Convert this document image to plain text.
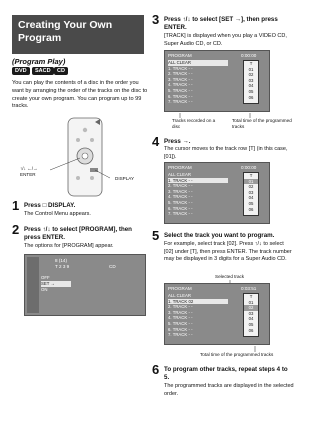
Creating Your Own Program
(Program Play)
DVD	SACD	CD
You can play the contents of a disc in the order you want by arranging the order of the tracks on the disc to create your own program. You can program up to 99 tracks.
↑/↓ ←/→
ENTER
DISPLAY
1 Press □ DISPLAY.
The Control Menu appears.
2 Press ↑/↓ to select [PROGRAM], then press ENTER.
The options for [PROGRAM] appear.
8 (14)
T 2 3 9	CD
OFF
SET →
ON
3 Press ↑/↓ to select [SET →], then press ENTER.
[TRACK] is displayed when you play a VIDEO CD, Super Audio CD, or CD.
PROGRAM	0:00:00
ALL CLEAR
1. TRACK - -
2. TRACK - -
3. TRACK - -
4. TRACK - -
5. TRACK - -
6. TRACK - -
7. TRACK - -
T
01
02
03
04
05
06
Tracks recorded on a disc
Total time of the programmed tracks
4 Press →.
The cursor moves to the track row [T] (in this case, [01]).
PROGRAM	0:00:00
ALL CLEAR
1. TRACK - -
2. TRACK - -
3. TRACK - -
4. TRACK - -
5. TRACK - -
6. TRACK - -
7. TRACK - -
T
01
02
03
04
05
06
5 Select the track you want to program.
For example, select track [02]. Press ↑/↓ to select [02] under [T], then press ENTER. The track number may be displayed in 3 digits for a Super Audio CD.
Selected track
PROGRAM	0:03:51
ALL CLEAR
1. TRACK 02
2. TRACK - -
3. TRACK - -
4. TRACK - -
5. TRACK - -
6. TRACK - -
7. TRACK - -
T
01
02
03
04
05
06
Total time of the programmed tracks
6 To program other tracks, repeat steps 4 to 5.
The programmed tracks are displayed in the selected order.
